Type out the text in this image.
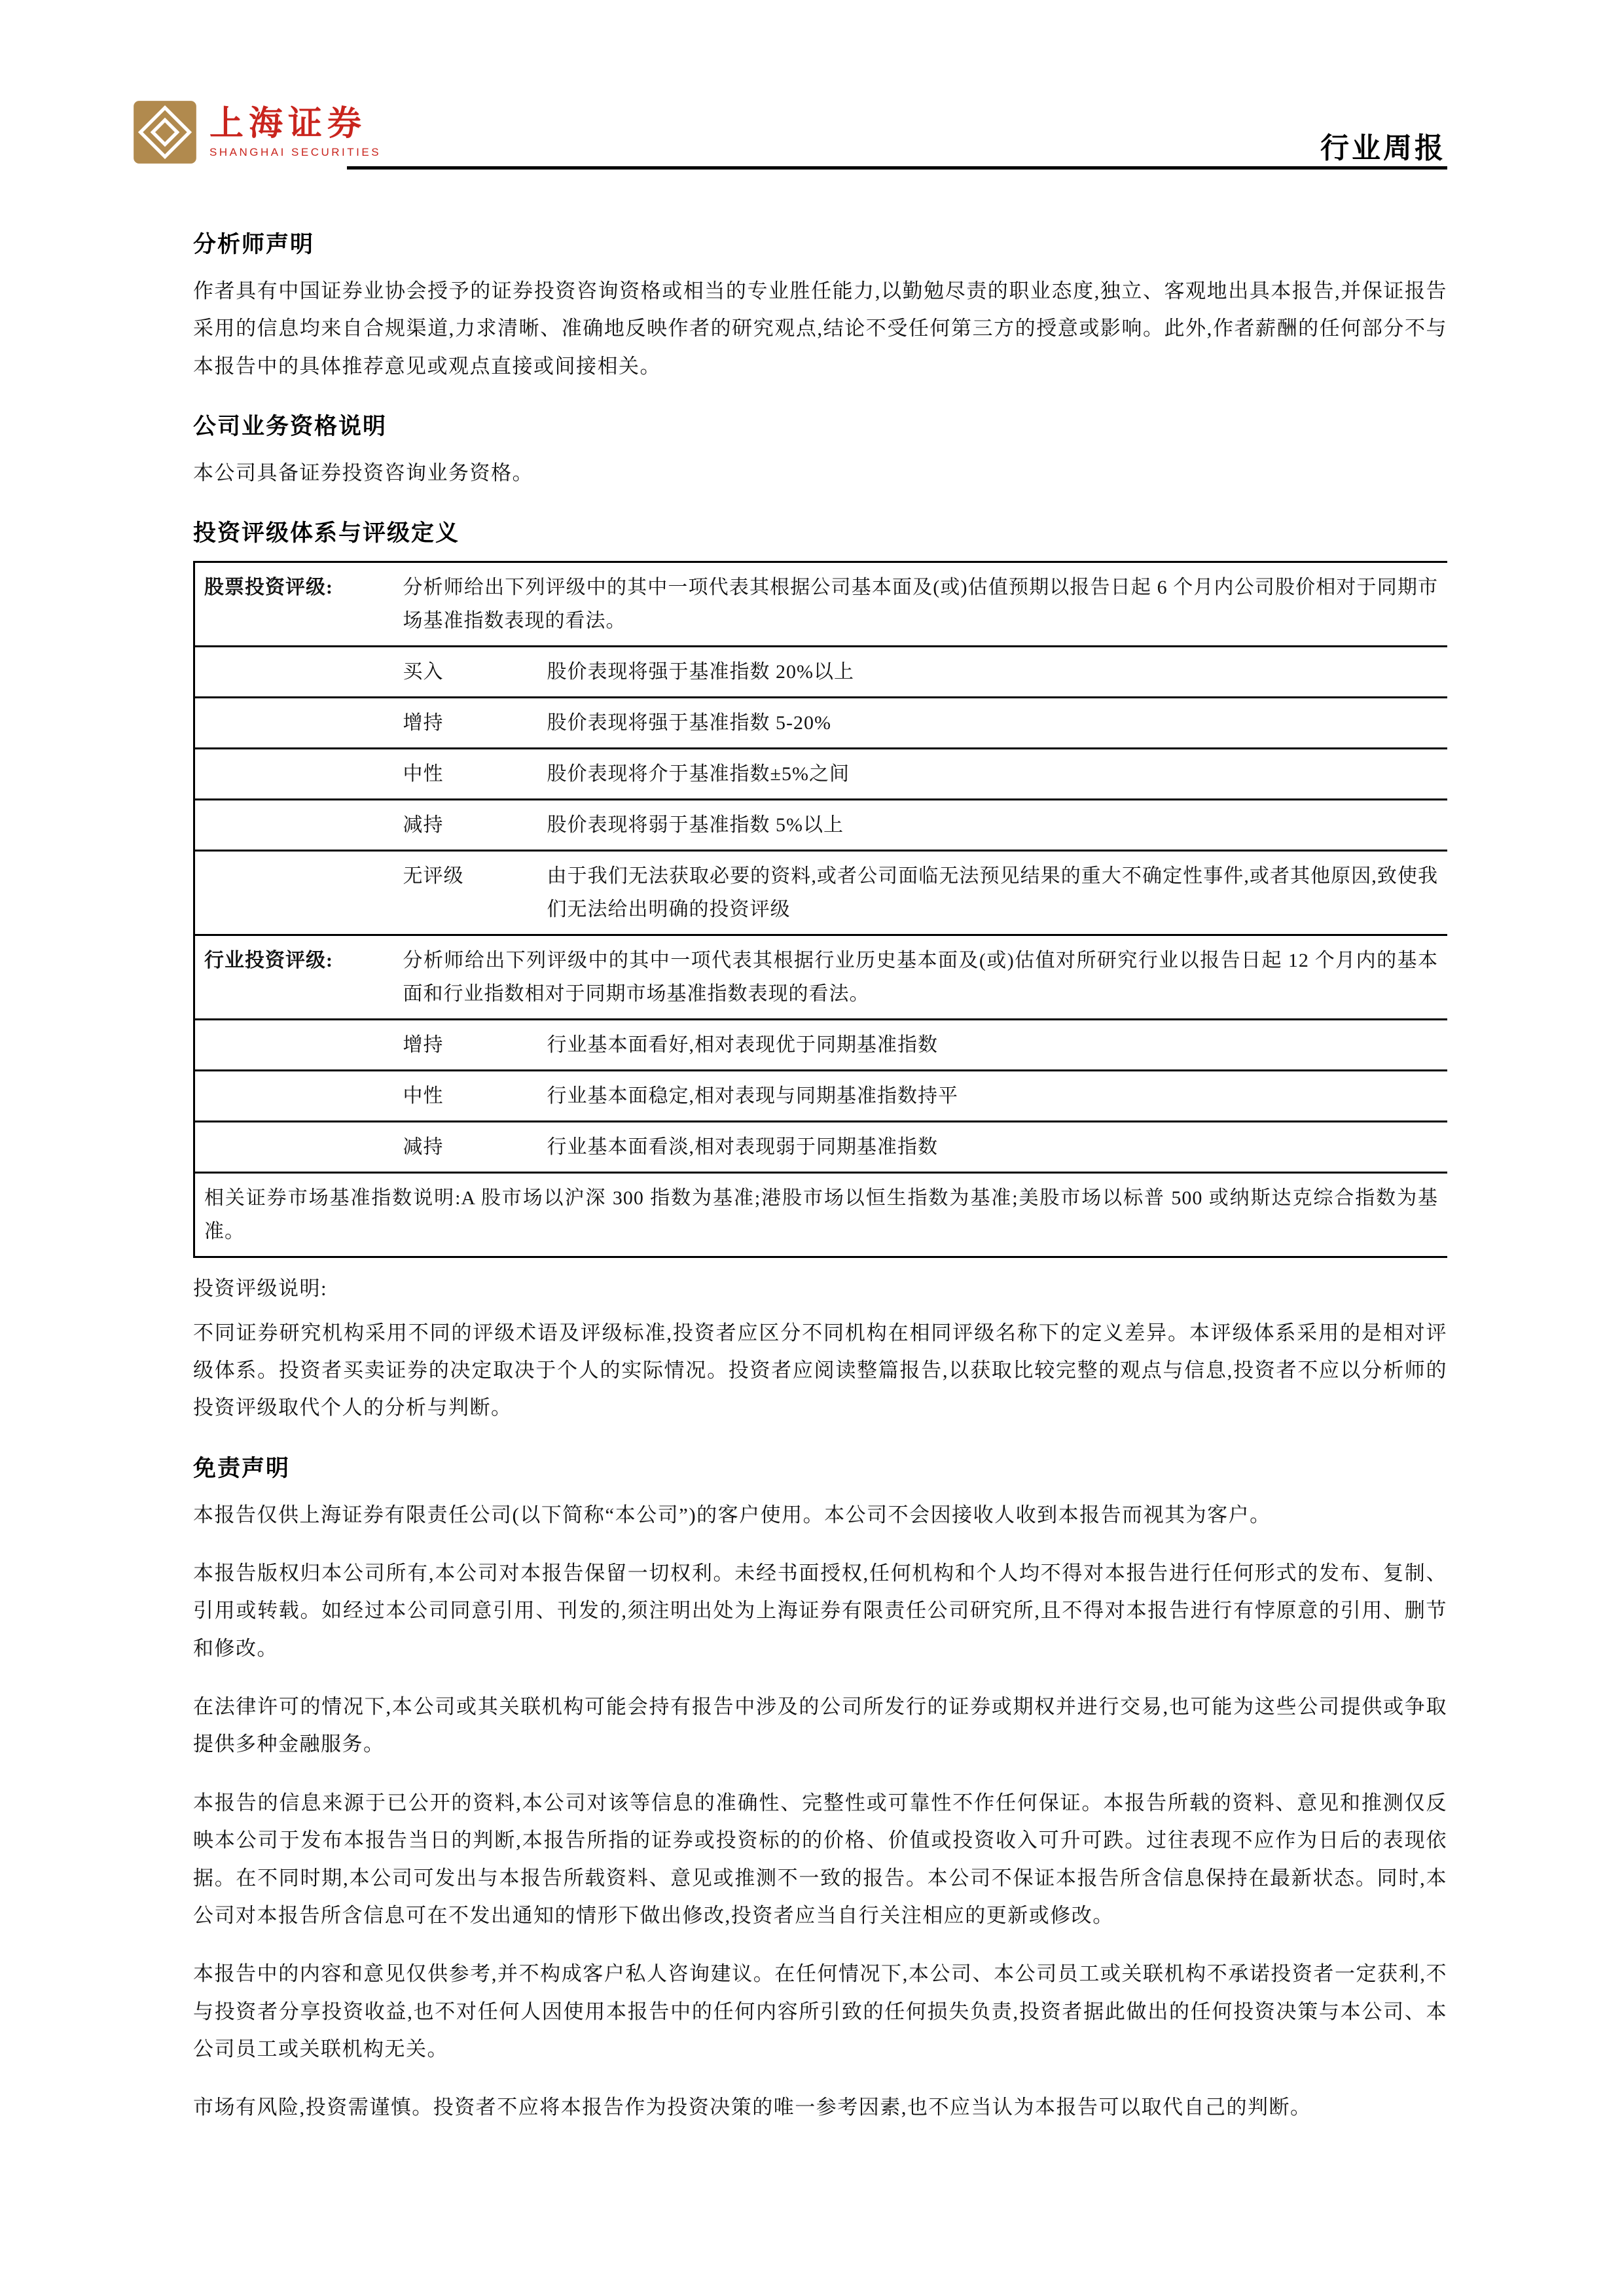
上海证券
SHANGHAI SECURITIES	行业周报
分析师声明

作者具有中国证券业协会授予的证券投资咨询资格或相当的专业胜任能力,以勤勉尽责的职业态度,独立、客观地出具本报告,并保证报告采用的信息均来自合规渠道,力求清晰、准确地反映作者的研究观点,结论不受任何第三方的授意或影响。此外,作者薪酬的任何部分不与本报告中的具体推荐意见或观点直接或间接相关。

公司业务资格说明

本公司具备证券投资咨询业务资格。

投资评级体系与评级定义
股票投资评级:	分析师给出下列评级中的其中一项代表其根据公司基本面及(或)估值预期以报告日起 6 个月内公司股价相对于同期市场基准指数表现的看法。	
	买入	股价表现将强于基准指数 20%以上
	增持	股价表现将强于基准指数 5-20%
	中性	股价表现将介于基准指数±5%之间
	减持	股价表现将弱于基准指数 5%以上
	无评级	由于我们无法获取必要的资料,或者公司面临无法预见结果的重大不确定性事件,或者其他原因,致使我们无法给出明确的投资评级
行业投资评级:	分析师给出下列评级中的其中一项代表其根据行业历史基本面及(或)估值对所研究行业以报告日起 12 个月内的基本面和行业指数相对于同期市场基准指数表现的看法。	
	增持	行业基本面看好,相对表现优于同期基准指数
	中性	行业基本面稳定,相对表现与同期基准指数持平
	减持	行业基本面看淡,相对表现弱于同期基准指数
相关证券市场基准指数说明:A 股市场以沪深 300 指数为基准;港股市场以恒生指数为基准;美股市场以标普 500 或纳斯达克综合指数为基准。		

投资评级说明:

不同证券研究机构采用不同的评级术语及评级标准,投资者应区分不同机构在相同评级名称下的定义差异。本评级体系采用的是相对评级体系。投资者买卖证券的决定取决于个人的实际情况。投资者应阅读整篇报告,以获取比较完整的观点与信息,投资者不应以分析师的投资评级取代个人的分析与判断。

免责声明

本报告仅供上海证券有限责任公司(以下简称“本公司”)的客户使用。本公司不会因接收人收到本报告而视其为客户。

本报告版权归本公司所有,本公司对本报告保留一切权利。未经书面授权,任何机构和个人均不得对本报告进行任何形式的发布、复制、引用或转载。如经过本公司同意引用、刊发的,须注明出处为上海证券有限责任公司研究所,且不得对本报告进行有悖原意的引用、删节和修改。

在法律许可的情况下,本公司或其关联机构可能会持有报告中涉及的公司所发行的证券或期权并进行交易,也可能为这些公司提供或争取提供多种金融服务。

本报告的信息来源于已公开的资料,本公司对该等信息的准确性、完整性或可靠性不作任何保证。本报告所载的资料、意见和推测仅反映本公司于发布本报告当日的判断,本报告所指的证券或投资标的的价格、价值或投资收入可升可跌。过往表现不应作为日后的表现依据。在不同时期,本公司可发出与本报告所载资料、意见或推测不一致的报告。本公司不保证本报告所含信息保持在最新状态。同时,本公司对本报告所含信息可在不发出通知的情形下做出修改,投资者应当自行关注相应的更新或修改。

本报告中的内容和意见仅供参考,并不构成客户私人咨询建议。在任何情况下,本公司、本公司员工或关联机构不承诺投资者一定获利,不与投资者分享投资收益,也不对任何人因使用本报告中的任何内容所引致的任何损失负责,投资者据此做出的任何投资决策与本公司、本公司员工或关联机构无关。

市场有风险,投资需谨慎。投资者不应将本报告作为投资决策的唯一参考因素,也不应当认为本报告可以取代自己的判断。
